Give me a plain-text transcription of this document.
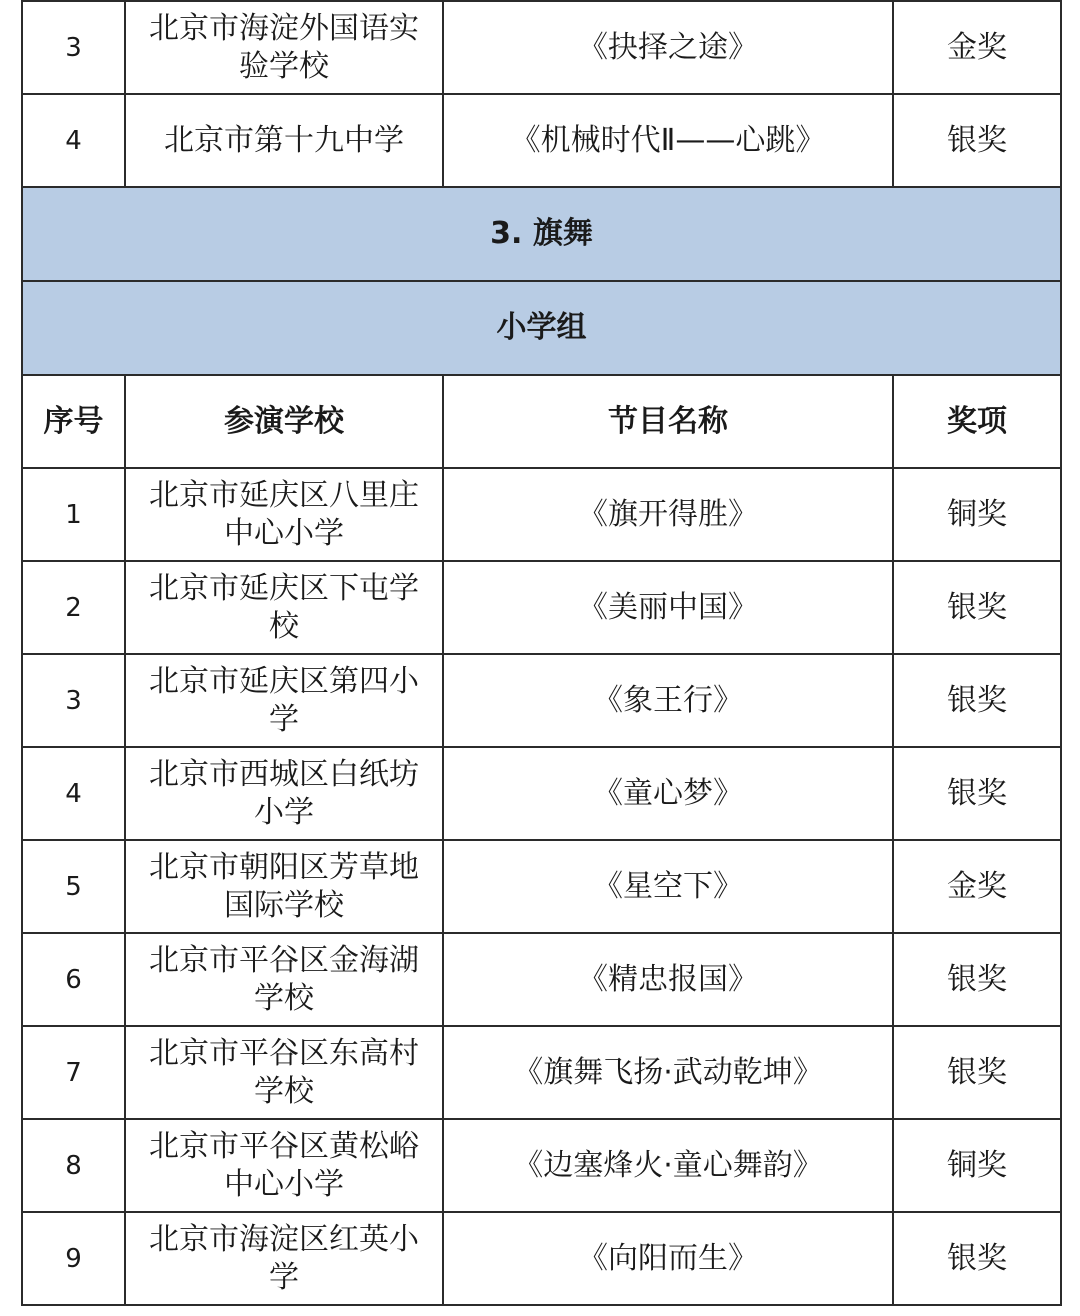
3	北京市海淀外国语实验学校	《抉择之途》	金奖
4	北京市第十九中学	《机械时代Ⅱ——心跳》	银奖
3. 旗舞			
小学组			
序号	参演学校	节目名称	奖项
1	北京市延庆区八里庄中心小学	《旗开得胜》	铜奖
2	北京市延庆区下屯学校	《美丽中国》	银奖
3	北京市延庆区第四小学	《象王行》	银奖
4	北京市西城区白纸坊小学	《童心梦》	银奖
5	北京市朝阳区芳草地国际学校	《星空下》	金奖
6	北京市平谷区金海湖学校	《精忠报国》	银奖
7	北京市平谷区东高村学校	《旗舞飞扬·武动乾坤》	银奖
8	北京市平谷区黄松峪中心小学	《边塞烽火·童心舞韵》	铜奖
9	北京市海淀区红英小学	《向阳而生》	银奖
